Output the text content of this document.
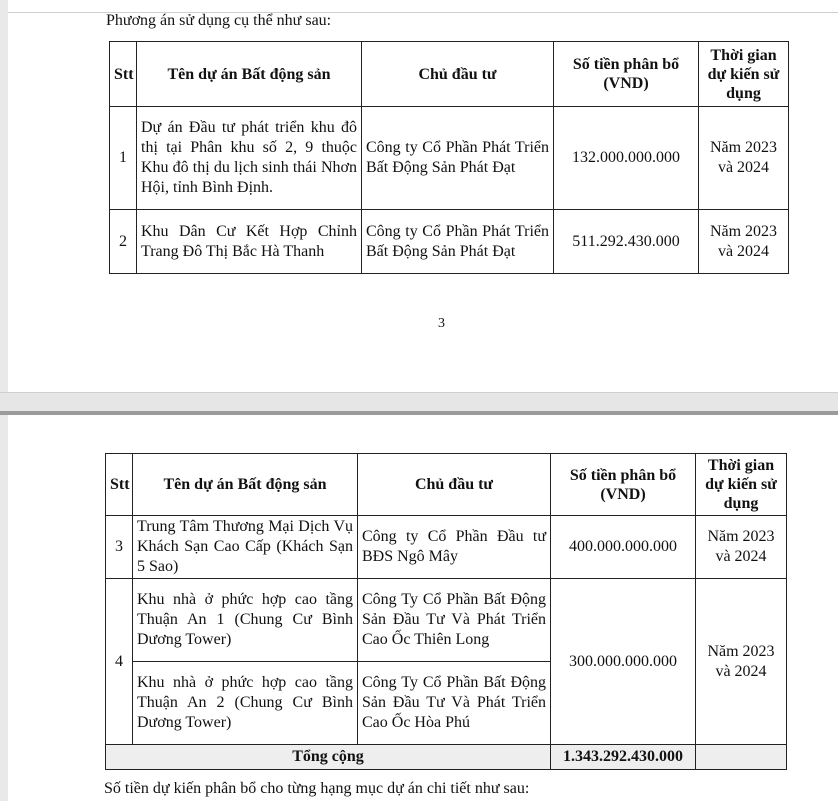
Phương án sử dụng cụ thể như sau:
Stt	Tên dự án Bất động sản	Chủ đầu tư	Số tiền phân bổ (VND)	Thời gian dự kiến sử dụng
1	Dự án Đầu tư phát triển khu đô thị tại Phân khu số 2, 9 thuộc Khu đô thị du lịch sinh thái Nhơn Hội, tỉnh Bình Định.	Công ty Cổ Phần Phát Triển Bất Động Sản Phát Đạt	132.000.000.000	Năm 2023 và 2024
2	Khu Dân Cư Kết Hợp Chỉnh Trang Đô Thị Bắc Hà Thanh	Công ty Cổ Phần Phát Triển Bất Động Sản Phát Đạt	511.292.430.000	Năm 2023 và 2024
3
Stt	Tên dự án Bất động sản	Chủ đầu tư	Số tiền phân bổ (VND)	Thời gian dự kiến sử dụng
3	Trung Tâm Thương Mại Dịch Vụ Khách Sạn Cao Cấp (Khách Sạn 5 Sao)	Công ty Cổ Phần Đầu tư BĐS Ngô Mây	400.000.000.000	Năm 2023 và 2024
4	Khu nhà ở phức hợp cao tầng Thuận An 1 (Chung Cư Bình Dương Tower)	Công Ty Cổ Phần Bất Động Sản Đầu Tư Và Phát Triển Cao Ốc Thiên Long	300.000.000.000	Năm 2023 và 2024
	Khu nhà ở phức hợp cao tầng Thuận An 2 (Chung Cư Bình Dương Tower)	Công Ty Cổ Phần Bất Động Sản Đầu Tư Và Phát Triển Cao Ốc Hòa Phú		
Tổng cộng			1.343.292.430.000	
Số tiền dự kiến phân bổ cho từng hạng mục dự án chi tiết như sau:
